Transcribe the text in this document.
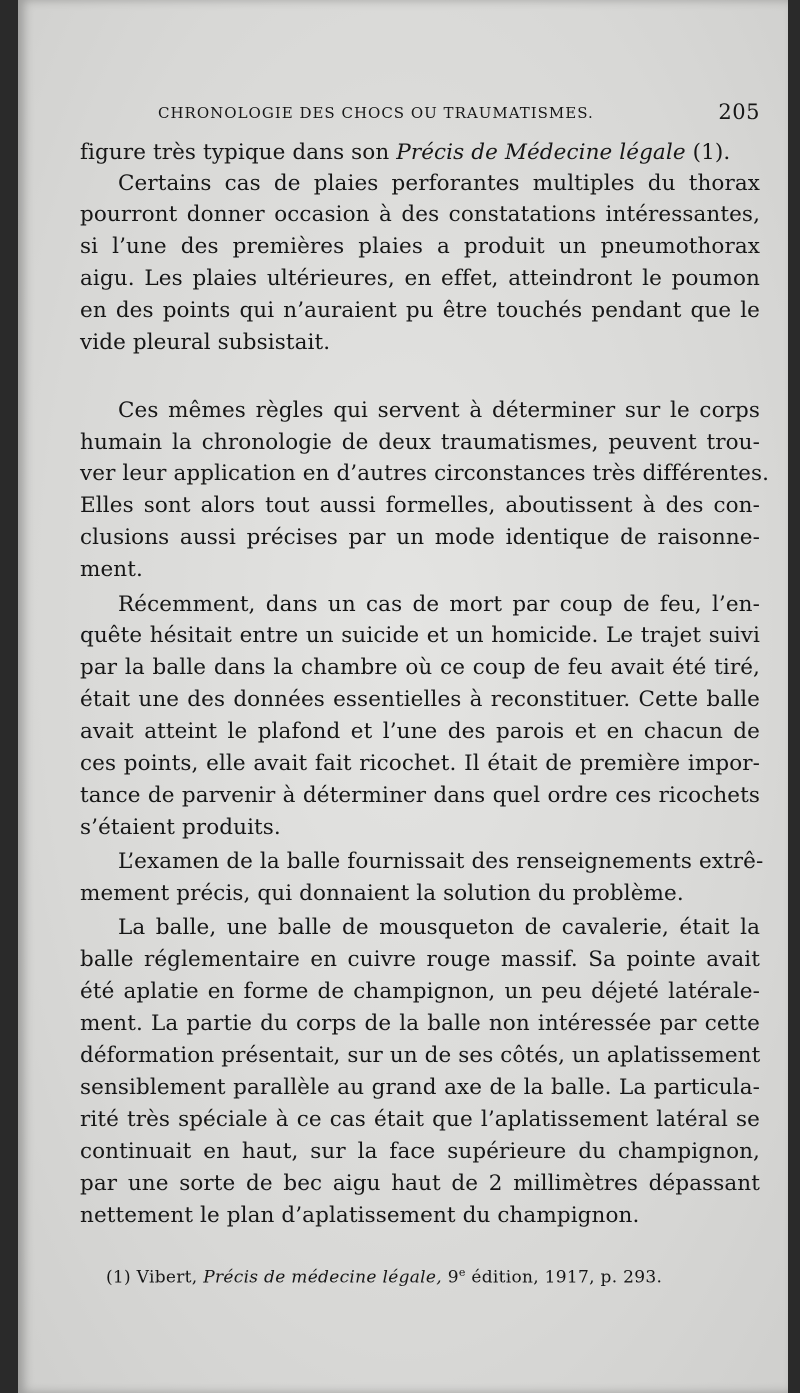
CHRONOLOGIE DES CHOCS OU TRAUMATISMES.	205
figure très typique dans son Précis de Médecine légale (1).
Certains cas de plaies perforantes multiples du thorax
pourront donner occasion à des constatations intéressantes,
si l’une des premières plaies a produit un pneumothorax
aigu. Les plaies ultérieures, en effet, atteindront le poumon
en des points qui n’auraient pu être touchés pendant que le
vide pleural subsistait.
Ces mêmes règles qui servent à déterminer sur le corps
humain la chronologie de deux traumatismes, peuvent trou-
ver leur application en d’autres circonstances très différentes.
Elles sont alors tout aussi formelles, aboutissent à des con-
clusions aussi précises par un mode identique de raisonne-
ment.
Récemment, dans un cas de mort par coup de feu, l’en-
quête hésitait entre un suicide et un homicide. Le trajet suivi
par la balle dans la chambre où ce coup de feu avait été tiré,
était une des données essentielles à reconstituer. Cette balle
avait atteint le plafond et l’une des parois et en chacun de
ces points, elle avait fait ricochet. Il était de première impor-
tance de parvenir à déterminer dans quel ordre ces ricochets
s’étaient produits.
L’examen de la balle fournissait des renseignements extrê-
mement précis, qui donnaient la solution du problème.
La balle, une balle de mousqueton de cavalerie, était la
balle réglementaire en cuivre rouge massif. Sa pointe avait
été aplatie en forme de champignon, un peu déjeté latérale-
ment. La partie du corps de la balle non intéressée par cette
déformation présentait, sur un de ses côtés, un aplatissement
sensiblement parallèle au grand axe de la balle. La particula-
rité très spéciale à ce cas était que l’aplatissement latéral se
continuait en haut, sur la face supérieure du champignon,
par une sorte de bec aigu haut de 2 millimètres dépassant
nettement le plan d’aplatissement du champignon.
(1) Vibert, Précis de médecine légale, 9e édition, 1917, p. 293.
